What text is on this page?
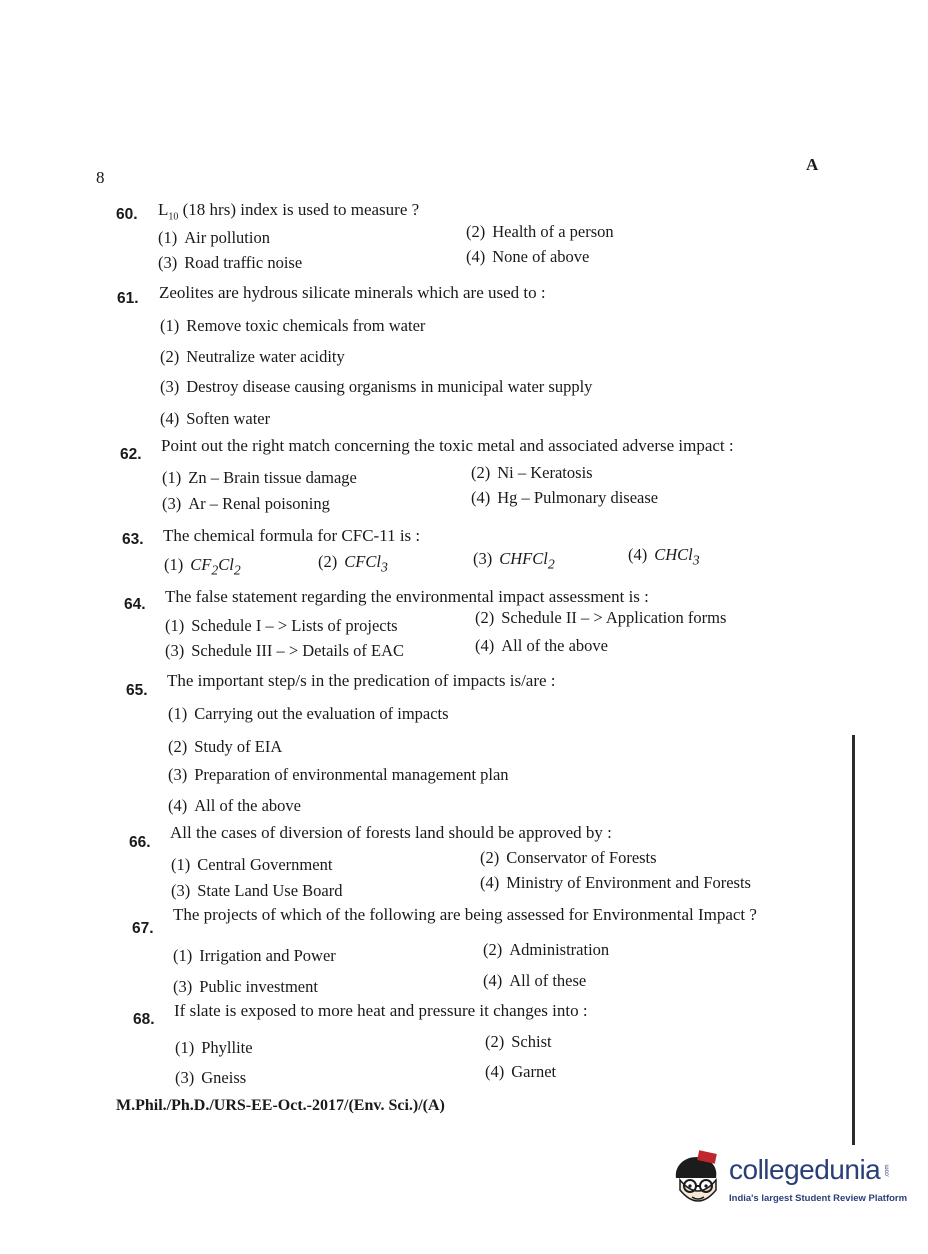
8
A
60. $L_{10}$ (18 hrs) index is used to measure ?
(1) Air pollution	(2) Health of a person
(3) Road traffic noise	(4) None of above
61. Zeolites are hydrous silicate minerals which are used to :
(1) Remove toxic chemicals from water
(2) Neutralize water acidity
(3) Destroy disease causing organisms in municipal water supply
(4) Soften water
62. Point out the right match concerning the toxic metal and associated adverse impact :
(1) Zn – Brain tissue damage	(2) Ni – Keratosis
(3) Ar – Renal poisoning	(4) Hg – Pulmonary disease
63. The chemical formula for CFC-11 is :
(1) $CF_2Cl_2$	(2) CFCl$_3$	(3) CHFCl$_2$	(4) CHCl$_3$
64. The false statement regarding the environmental impact assessment is :
(1) Schedule I – > Lists of projects	(2) Schedule II – > Application forms
(3) Schedule III – > Details of EAC	(4) All of the above
65.
The important step/s in the predication of impacts is/are :
(1) Carrying out the evaluation of impacts
(2) Study of EIA
(3) Preparation of environmental management plan
(4) All of the above
66.
All the cases of diversion of forests land should be approved by :
(1) Central Government	(2) Conservator of Forests
(3) State Land Use Board	(4) Ministry of Environment and Forests
67.
The projects of which of the following are being assessed for Environmental Impact ?
(1) Irrigation and Power	(2) Administration
(3) Public investment	(4) All of these
68. If slate is exposed to more heat and pressure it changes into :
(1) Phyllite	(2) Schist
(3) Gneiss	(4) Garnet
M.Phil./Ph.D./URS-EE-Oct.-2017/(Env. Sci.)/(A)
collegedunia .com
India's largest Student Review Platform
